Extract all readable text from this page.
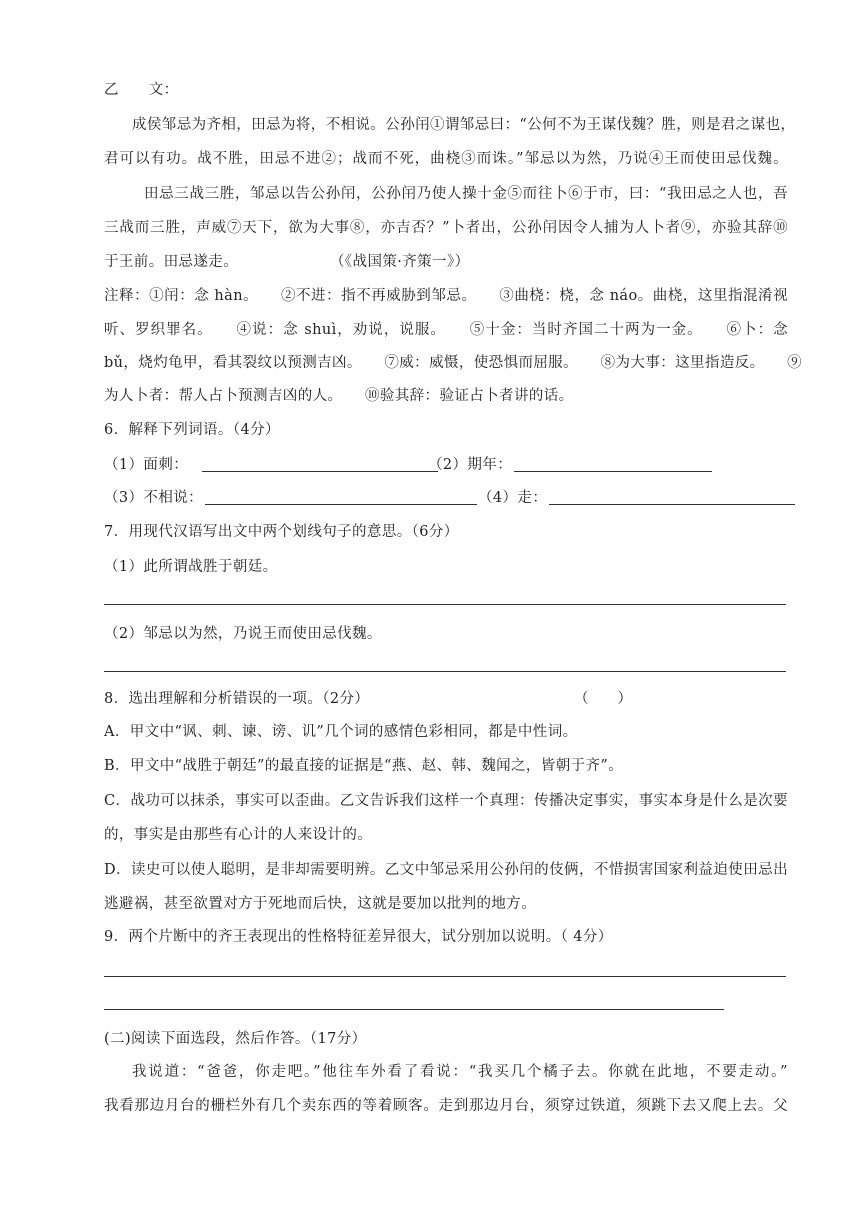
乙　　文：
成侯邹忌为齐相，田忌为将，不相说。公孙闬①谓邹忌曰：“公何不为王谋伐魏？胜，则是君之谋也，
君可以有功。战不胜，田忌不进②；战而不死，曲桡③而诛。”邹忌以为然，乃说④王而使田忌伐魏。
田忌三战三胜，邹忌以告公孙闬，公孙闬乃使人操十金⑤而往卜⑥于市，曰：“我田忌之人也，吾
三战而三胜，声威⑦天下，欲为大事⑧，亦吉否？”卜者出，公孙闬因令人捕为人卜者⑨，亦验其辞⑩
于王前。田忌遂走。	（《战国策·齐策一》）
注释：①闬：念 hàn。　　②不进：指不再威胁到邹忌。　　③曲桡：桡，念 náo。曲桡，这里指混淆视
听、罗织罪名。　　④说：念 shuì，劝说，说服。　　⑤十金：当时齐国二十两为一金。　　⑥卜：念
bǔ，烧灼龟甲，看其裂纹以预测吉凶。　　⑦威：威慑，使恐惧而屈服。　　⑧为大事：这里指造反。　　⑨
为人卜者：帮人占卜预测吉凶的人。　　⑩验其辞：验证占卜者讲的话。
6．解释下列词语。（4分）
（1）面刺：	（2）期年：
（3）不相说：	（4）走：
7．用现代汉语写出文中两个划线句子的意思。（6分）
（1）此所谓战胜于朝廷。
（2）邹忌以为然，乃说王而使田忌伐魏。
8．选出理解和分析错误的一项。（2分）	（　　）
A．甲文中“讽、刺、谏、谤、讥”几个词的感情色彩相同，都是中性词。
B．甲文中“战胜于朝廷”的最直接的证据是“燕、赵、韩、魏闻之，皆朝于齐”。
C．战功可以抹杀，事实可以歪曲。乙文告诉我们这样一个真理：传播决定事实，事实本身是什么是次要
的，事实是由那些有心计的人来设计的。
D．读史可以使人聪明，是非却需要明辨。乙文中邹忌采用公孙闬的伎俩，不惜损害国家利益迫使田忌出
逃避祸，甚至欲置对方于死地而后快，这就是要加以批判的地方。
9．两个片断中的齐王表现出的性格特征差异很大，试分别加以说明。（ 4分）
(二)阅读下面选段，然后作答。（17分）
我说道：“爸爸，你走吧。”他往车外看了看说：“我买几个橘子去。你就在此地，不要走动。”
我看那边月台的栅栏外有几个卖东西的等着顾客。走到那边月台，须穿过铁道，须跳下去又爬上去。父
